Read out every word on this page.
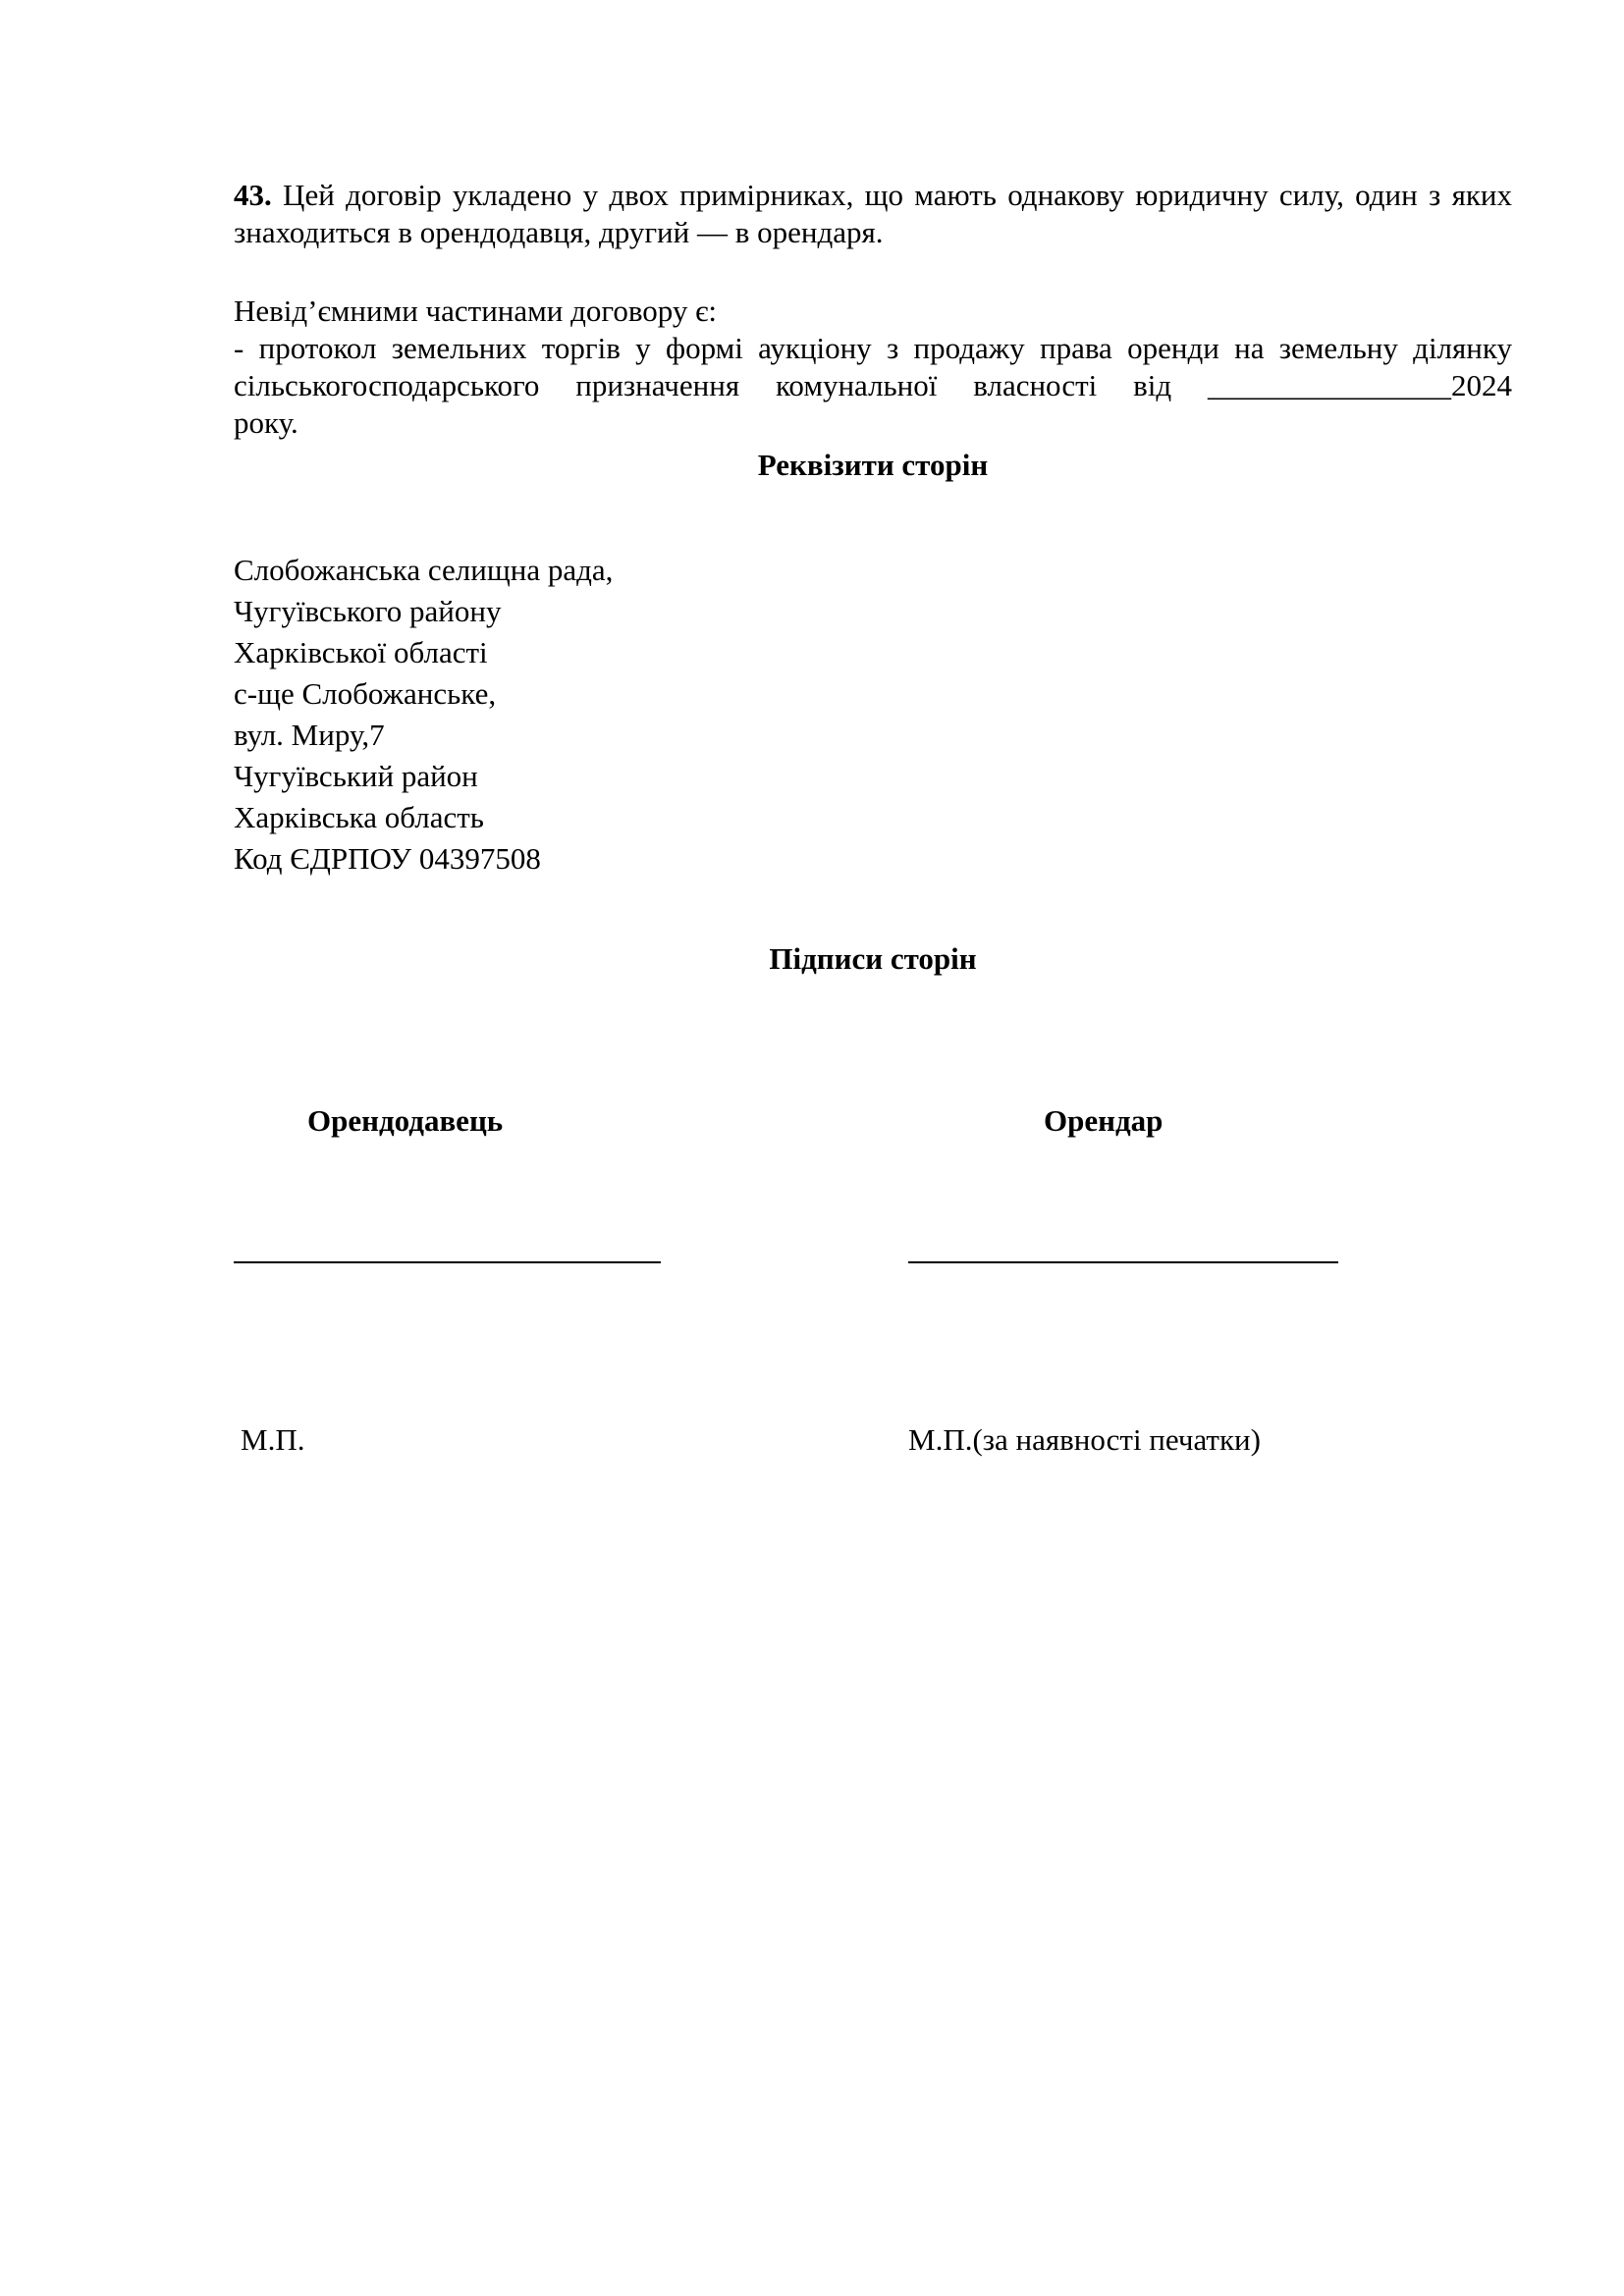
43. Цей договір укладено у двох примірниках, що мають однакову юридичну силу, один з яких знаходиться в орендодавця, другий — в орендаря.
Невід’ємними частинами договору є:
- протокол земельних торгів у формі аукціону з продажу права оренди на земельну ділянку
сільськогосподарського призначення комунальної власності від ________________2024
року.
Реквізити сторін
Слобожанська селищна рада,
Чугуївського району
Харківської області
с-ще Слобожанське,
вул. Миру,7
Чугуївський район
Харківська область
Код ЄДРПОУ 04397508
Підписи сторін
Орендодавець	Орендар
М.П.	М.П.(за наявності печатки)
